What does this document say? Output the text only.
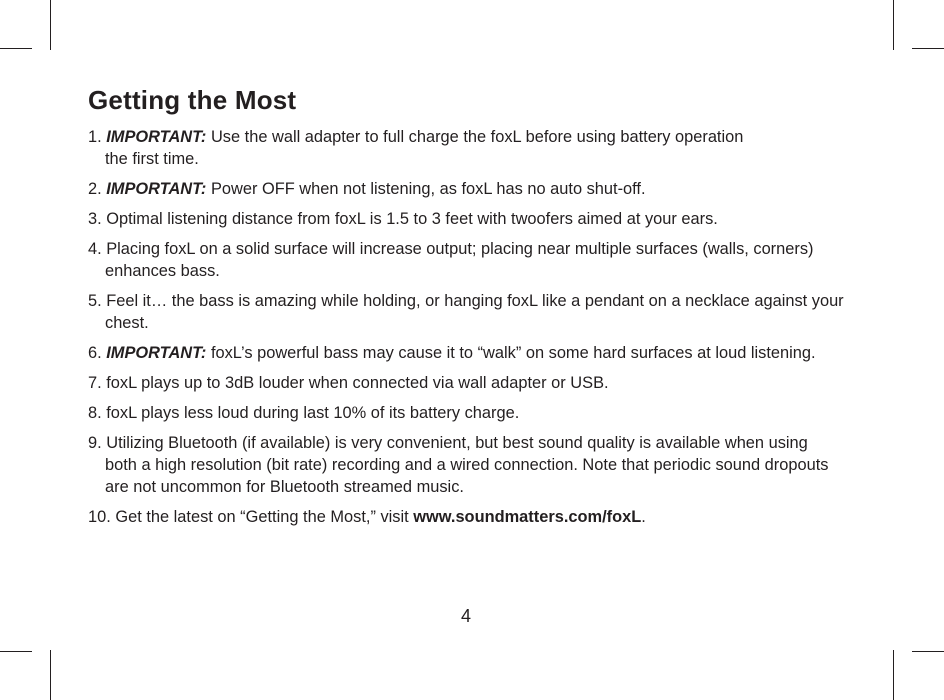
Getting the Most

1. IMPORTANT: Use the wall adapter to full charge the foxL before using battery operation
the first time.

2. IMPORTANT: Power OFF when not listening, as foxL has no auto shut-off.

3. Optimal listening distance from foxL is 1.5 to 3 feet with twoofers aimed at your ears.

4. Placing foxL on a solid surface will increase output; placing near multiple surfaces (walls, corners) enhances bass.

5. Feel it… the bass is amazing while holding, or hanging foxL like a pendant on a necklace against your chest.

6. IMPORTANT: foxL’s powerful bass may cause it to “walk” on some hard surfaces at loud listening.

7. foxL plays up to 3dB louder when connected via wall adapter or USB.

8. foxL plays less loud during last 10% of its battery charge.

9. Utilizing Bluetooth (if available) is very convenient, but best sound quality is available when using both a high resolution (bit rate) recording and a wired connection. Note that periodic sound dropouts are not uncommon for Bluetooth streamed music.

10. Get the latest on “Getting the Most,” visit www.soundmatters.com/foxL.

4
